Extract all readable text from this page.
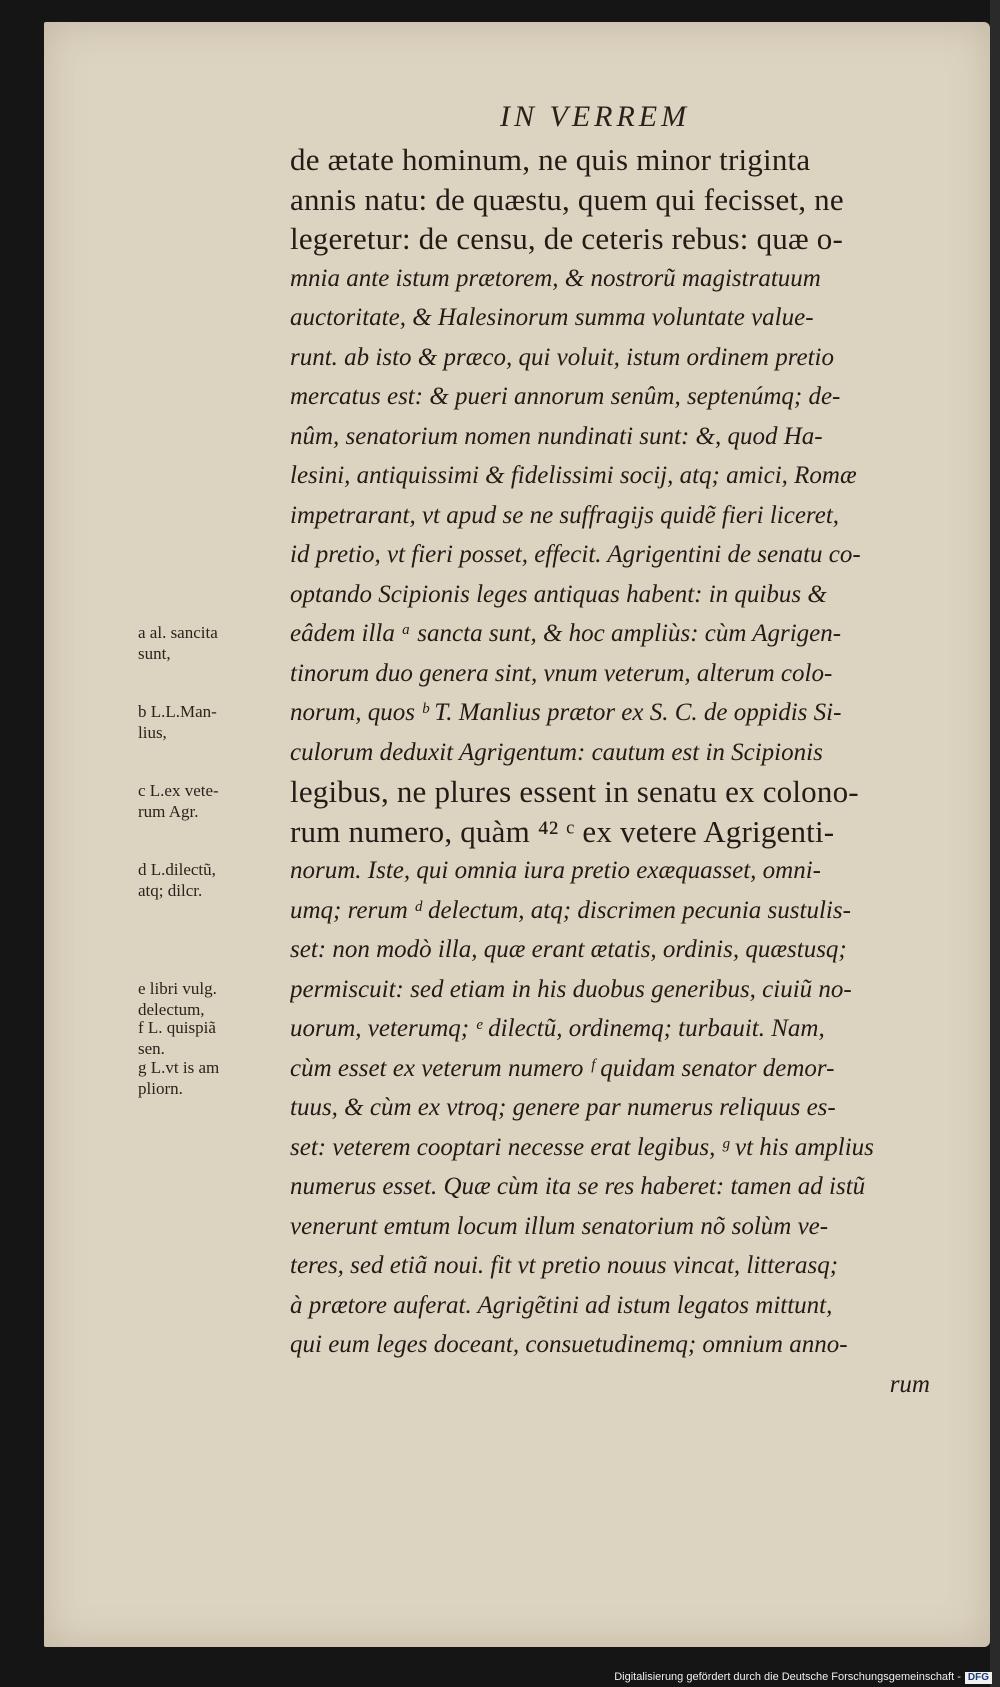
IN VERREM
de ætate hominum, ne quis minor triginta
annis natu: de quæstu, quem qui fecisset, ne
legeretur: de censu, de ceteris rebus: quæ o-
mnia ante istum prætorem, & nostrorũ magistratuum
auctoritate, & Halesinorum summa voluntate value-
runt. ab isto & præco, qui voluit, istum ordinem pretio
mercatus est: & pueri annorum senûm, septenúmq; de-
nûm, senatorium nomen nundinati sunt: &, quod Ha-
lesini, antiquissimi & fidelissimi socij, atq; amici, Romæ
impetrarant, vt apud se ne suffragijs quidẽ fieri liceret,
id pretio, vt fieri posset, effecit. Agrigentini de senatu co-
optando Scipionis leges antiquas habent: in quibus &
eâdem illa ᵃ sancta sunt, & hoc ampliùs: cùm Agrigen-
tinorum duo genera sint, vnum veterum, alterum colo-
norum, quos ᵇ T. Manlius prætor ex S. C. de oppidis Si-
culorum deduxit Agrigentum: cautum est in Scipionis
legibus, ne plures essent in senatu ex colono-
rum numero, quàm ⁴² ᶜ ex vetere Agrigenti-
norum. Iste, qui omnia iura pretio exæquasset, omni-
umq; rerum ᵈ delectum, atq; discrimen pecunia sustulis-
set: non modò illa, quæ erant ætatis, ordinis, quæstusq;
permiscuit: sed etiam in his duobus generibus, ciuiũ no-
uorum, veterumq; ᵉ dilectũ, ordinemq; turbauit. Nam,
cùm esset ex veterum numero ᶠ quidam senator demor-
tuus, & cùm ex vtroq; genere par numerus reliquus es-
set: veterem cooptari necesse erat legibus, ᵍ vt his amplius
numerus esset. Quæ cùm ita se res haberet: tamen ad istũ
venerunt emtum locum illum senatorium nõ solùm ve-
teres, sed etiã noui. fit vt pretio nouus vincat, litterasq;
à prætore auferat. Agrigẽtini ad istum legatos mittunt,
qui eum leges doceant, consuetudinemq; omnium anno-
rum
a al. sancita
sunt,
b L.L.Man-
lius,
c L.ex vete-
rum Agr.
d L.dilectũ,
atq; dilcr.
e libri vulg.
delectum,
f L. quispiã
sen.
g L.vt is am
pliorn.
Digitalisierung gefördert durch die Deutsche Forschungsgemeinschaft - DFG
